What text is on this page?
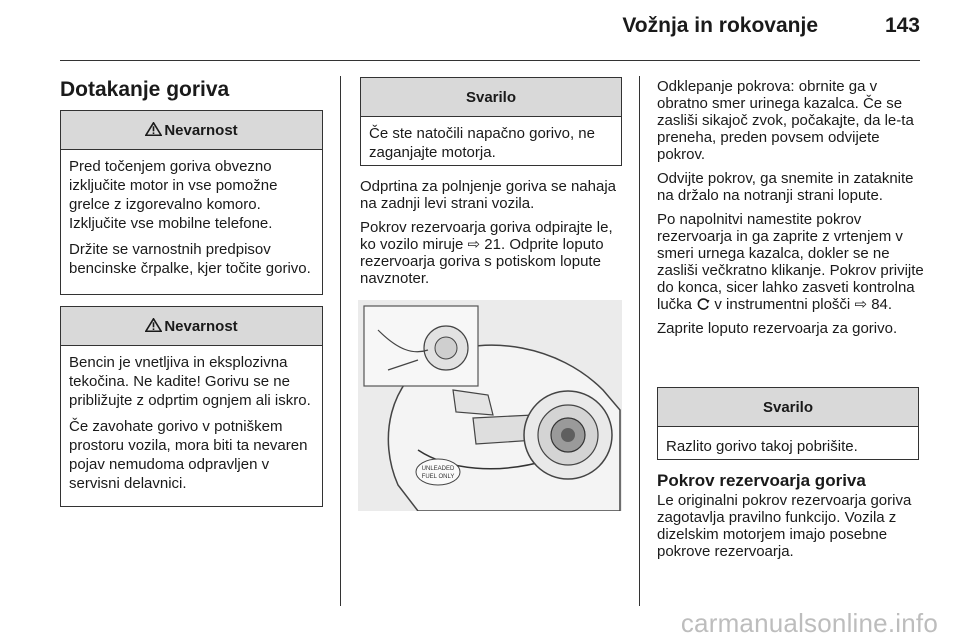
Vožnja in rokovanje	143
Dotakanje goriva
Nevarnost

Pred točenjem goriva obvezno izključite motor in vse pomožne grelce z izgorevalno komoro. Izključite vse mobilne telefone.

Držite se varnostnih predpisov bencinske črpalke, kjer točite gorivo.

Nevarnost

Bencin je vnetljiva in eksplozivna tekočina. Ne kadite! Gorivu se ne približujte z odprtim ognjem ali iskro.

Če zavohate gorivo v potniškem prostoru vozila, mora biti ta nevaren pojav nemudoma odpravljen v servisni delavnici.

Svarilo

Če ste natočili napačno gorivo, ne zaganjajte motorja.

Odprtina za polnjenje goriva se nahaja na zadnji levi strani vozila.

Pokrov rezervoarja goriva odpirajte le, ko vozilo miruje ⇨ 21. Odprite loputo rezervoarja goriva s potiskom lopute navznoter.

UNLEADED
FUEL ONLY

Odklepanje pokrova: obrnite ga v obratno smer urinega kazalca. Če se zasliši sikajoč zvok, počakajte, da le-ta preneha, preden povsem odvijete pokrov.

Odvijte pokrov, ga snemite in zataknite na držalo na notranji strani lopute.

Po napolnitvi namestite pokrov rezervoarja in ga zaprite z vrtenjem v smeri urnega kazalca, dokler se ne zasliši večkratno klikanje. Pokrov privijte do konca, sicer lahko zasveti kontrolna lučka v instrumentni plošči ⇨ 84.

Zaprite loputo rezervoarja za gorivo.

Svarilo

Razlito gorivo takoj pobrišite.

Pokrov rezervoarja goriva

Le originalni pokrov rezervoarja goriva zagotavlja pravilno funkcijo. Vozila z dizelskim motorjem imajo posebne pokrove rezervoarja.

carmanualsonline.info
